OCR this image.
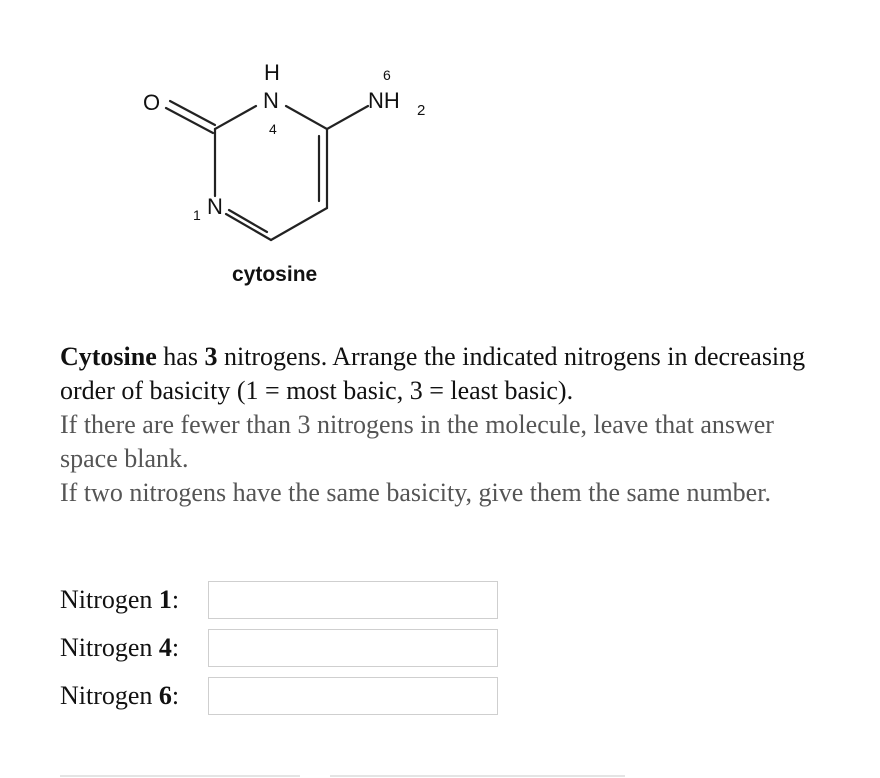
O
H
N
4
N
1
6
NH 2
cytosine

Cytosine has 3 nitrogens. Arrange the indicated nitrogens in decreasing order of basicity (1 = most basic, 3 = least basic).

If there are fewer than 3 nitrogens in the molecule, leave that answer space blank.

If two nitrogens have the same basicity, give them the same number.

Nitrogen 1:
Nitrogen 4:
Nitrogen 6:
